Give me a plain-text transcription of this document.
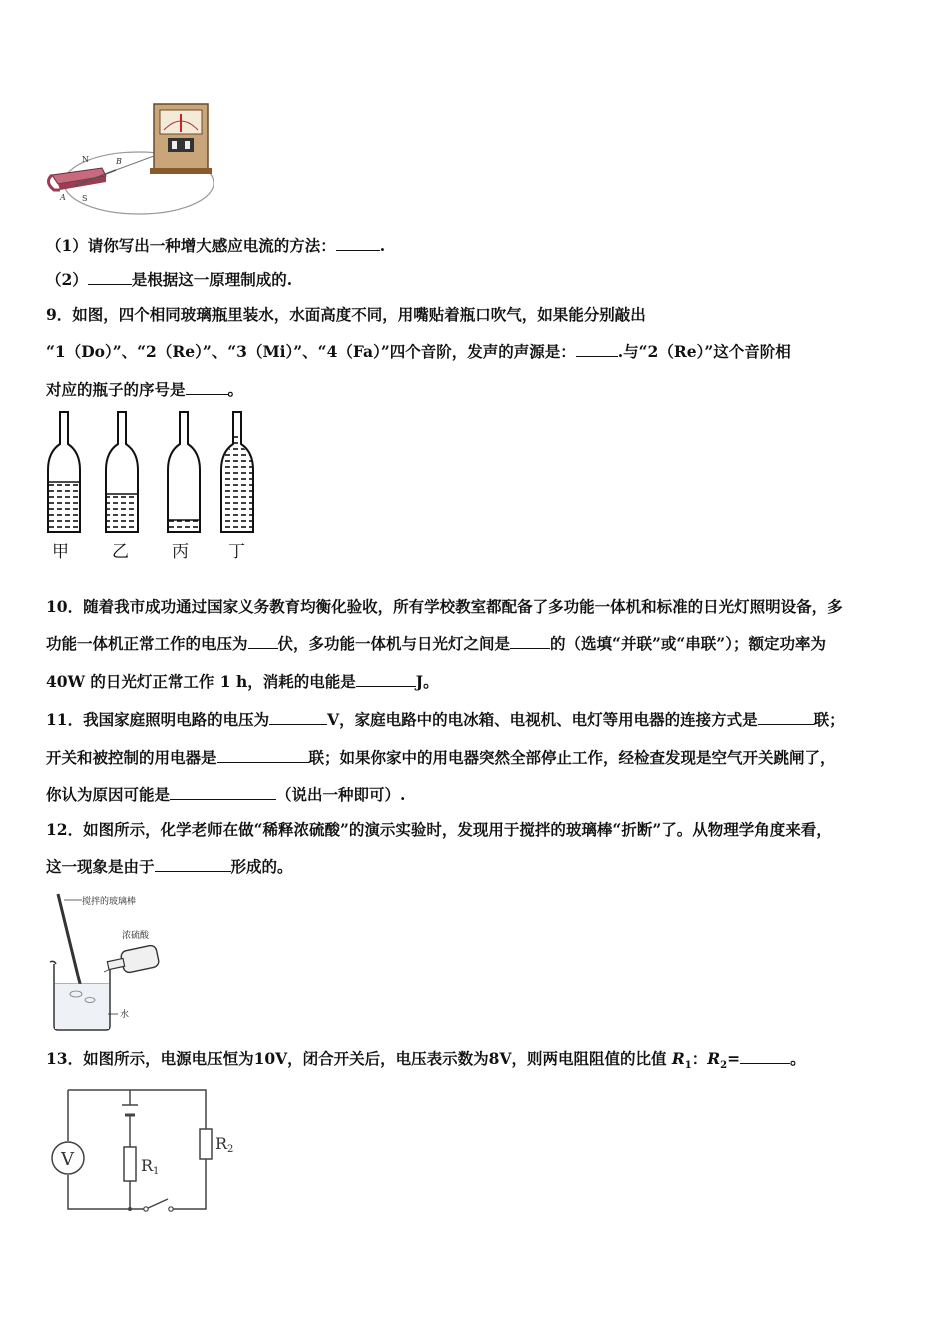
N
S
A
B
（1）请你写出一种增大感应电流的方法：	.
（2）	是根据这一原理制成的.
9．如图，四个相同玻璃瓶里装水，水面高度不同，用嘴贴着瓶口吹气，如果能分别敲出
“1（Do）”、“2（Re）”、“3（Mi）”、“4（Fa）”四个音阶，发声的声源是：	.与“2（Re）”这个音阶相
对应的瓶子的序号是	。
甲	乙	丙 丁
10．随着我市成功通过国家义务教育均衡化验收，所有学校教室都配备了多功能一体机和标准的日光灯照明设备，多
功能一体机正常工作的电压为 伏，多功能一体机与日光灯之间是	的（选填“并联”或“串联”）；额定功率为
40W 的日光灯正常工作 1 h，消耗的电能是	J。
11．我国家庭照明电路的电压为	V，家庭电路中的电冰箱、电视机、电灯等用电器的连接方式是	联；
开关和被控制的用电器是	联；如果你家中的用电器突然全部停止工作，经检查发现是空气开关跳闸了，
你认为原因可能是	（说出一种即可）.
12．如图所示，化学老师在做“稀释浓硫酸”的演示实验时，发现用于搅拌的玻璃棒“折断”了。从物理学角度来看，
这一现象是由于	形成的。
搅拌的玻璃棒
浓硫酸
水
13．如图所示，电源电压恒为10V，闭合开关后，电压表示数为8V，则两电阻阻值的比值 $R_1$：$R_2=$	。
V	R1
R2
